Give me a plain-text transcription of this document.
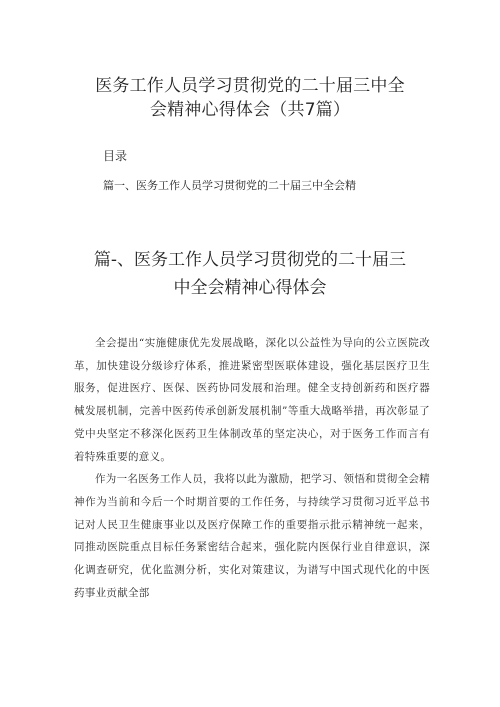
医务工作人员学习贯彻党的二十届三中全
会精神心得体会（共7篇）
目录
篇一、医务工作人员学习贯彻党的二十届三中全会精
篇-、医务工作人员学习贯彻党的二十届三
中全会精神心得体会

全会提出“实施健康优先发展战略，深化以公益性为导向的公立医院改革，加快建设分级诊疗体系，推进紧密型医联体建设，强化基层医疗卫生服务，促进医疗、医保、医药协同发展和治理。健全支持创新药和医疗器械发展机制，完善中医药传承创新发展机制”等重大战略举措，再次彰显了党中央坚定不移深化医药卫生体制改革的坚定决心，对于医务工作而言有着特殊重要的意义。

作为一名医务工作人员，我将以此为激励，把学习、领悟和贯彻全会精神作为当前和今后一个时期首要的工作任务，与持续学习贯彻习近平总书记对人民卫生健康事业以及医疗保障工作的重要指示批示精神统一起来，同推动医院重点目标任务紧密结合起来，强化院内医保行业自律意识，深化调查研究，优化监测分析，实化对策建议，为谱写中国式现代化的中医药事业贡献全部
